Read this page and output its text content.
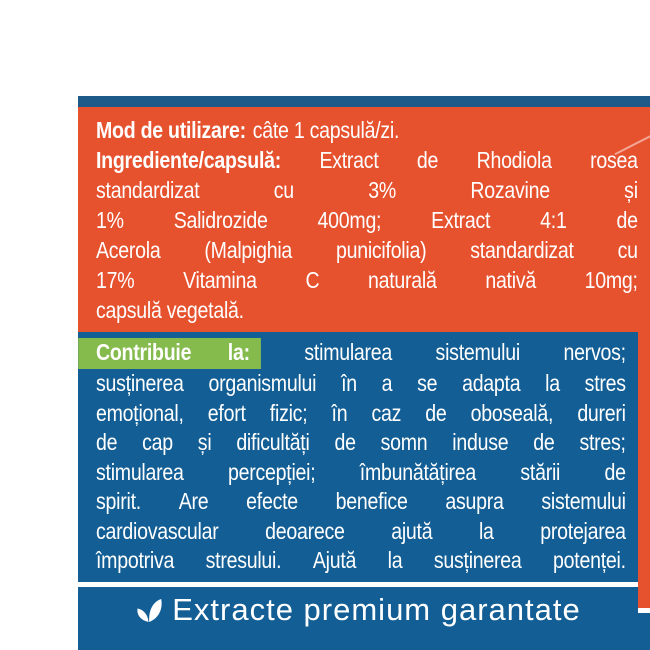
Mod de utilizare: câte 1 capsulă/zi.
Ingrediente/capsulă: Extract de Rhodiola rosea
standardizat	cu	3%	Rozavine	și
1% Salidrozide 400mg; Extract 4:1 de
Acerola (Malpighia punicifolia) standardizat cu
17% Vitamina C naturală nativă 10mg;
capsulă vegetală.
Contribuie la: stimularea sistemului nervos;
susținerea organismului în a se adapta la stres
emoțional, efort fizic; în caz de oboseală, dureri
de cap și dificultăți de somn induse de stres;
stimularea percepției; îmbunătățirea stării de
spirit. Are efecte benefice asupra sistemului
cardiovascular deoarece ajută la protejarea
împotriva stresului. Ajută la susținerea potenței.
Extracte premium garantate
